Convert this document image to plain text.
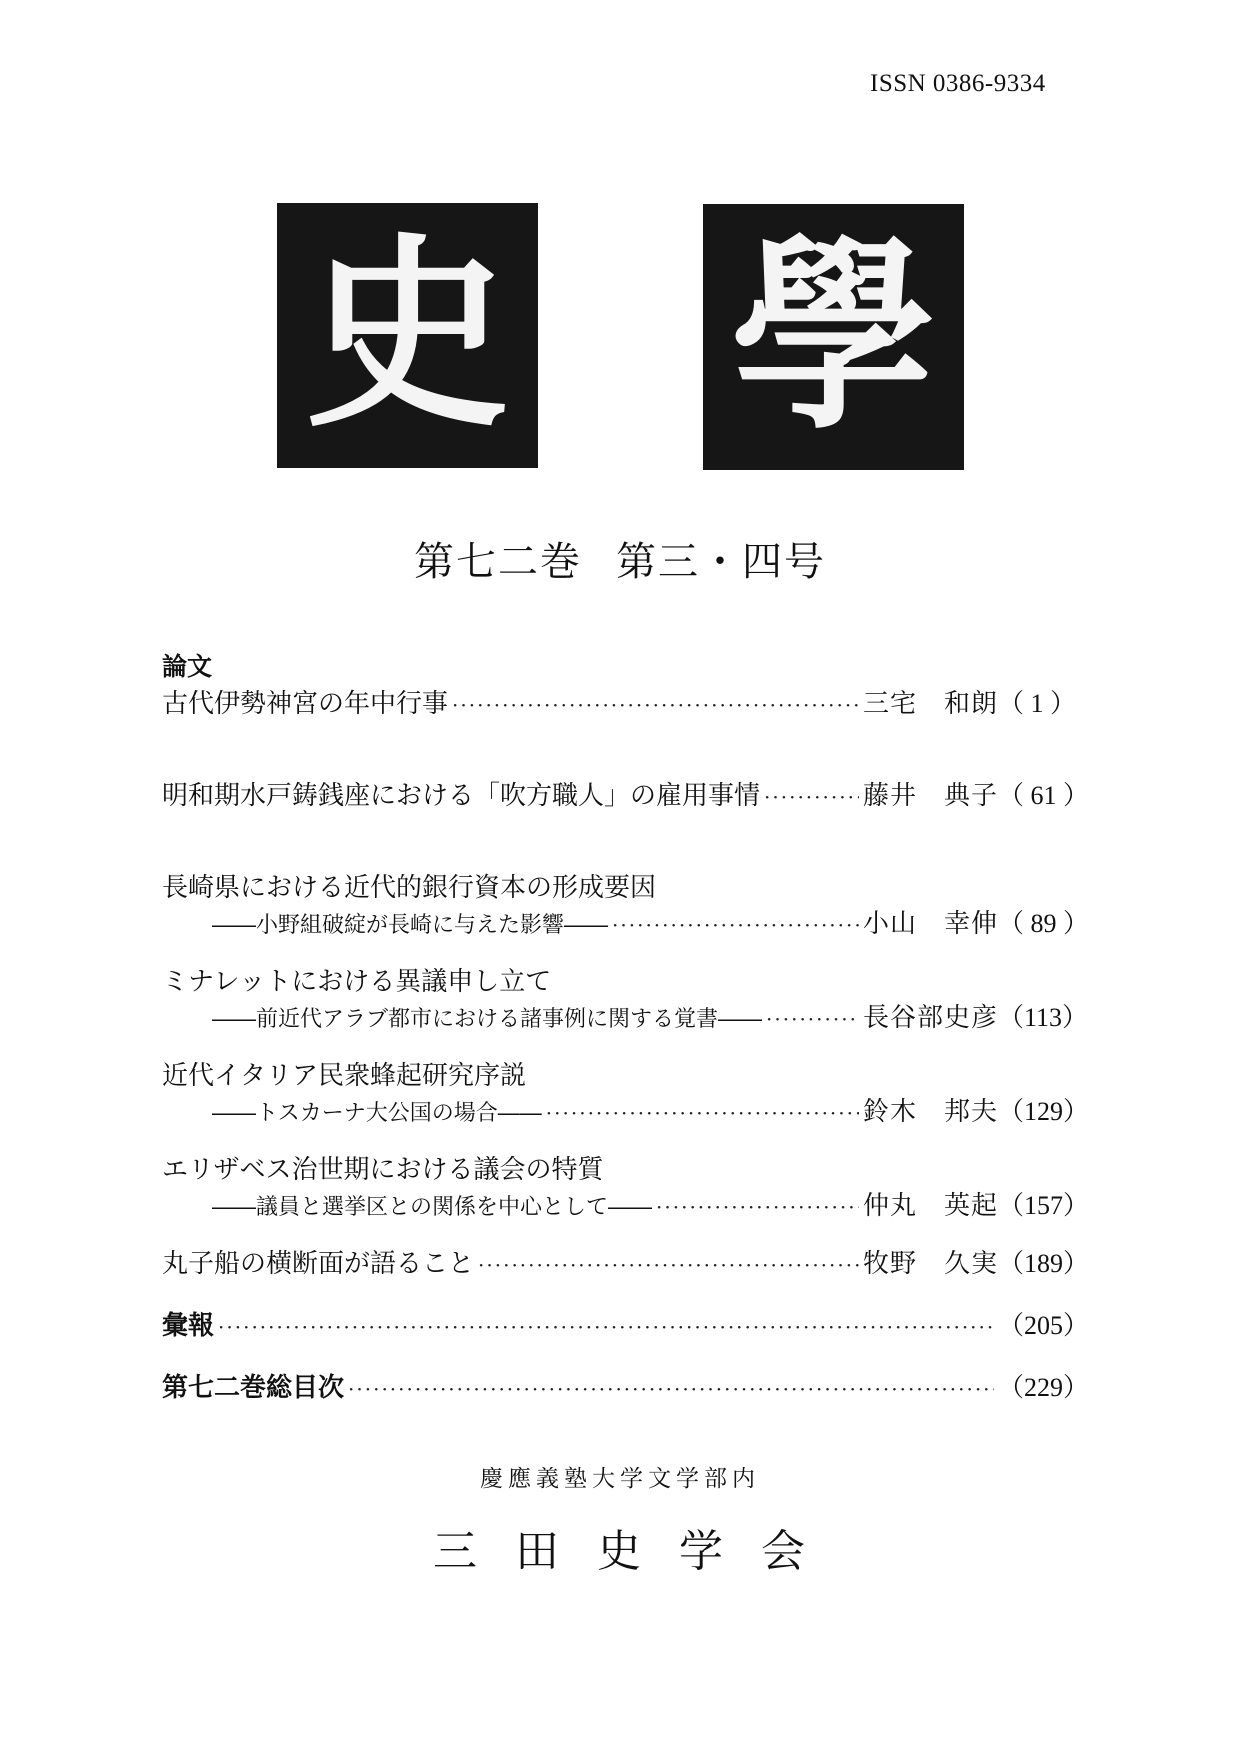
ISSN 0386-9334
史 學
第七二巻 第三・四号
論文
古代伊勢神宮の年中行事 ·····	三宅　和朗 （ 1 ）
明和期水戸鋳銭座における「吹方職人」の雇用事情 ·····	藤井　典子 （ 61 ）
長崎県における近代的銀行資本の形成要因
――小野組破綻が長崎に与えた影響―― ·····	小山　幸伸 （ 89 ）
ミナレットにおける異議申し立て
――前近代アラブ都市における諸事例に関する覚書―― ·····	長谷部史彦 （113）
近代イタリア民衆蜂起研究序説
――トスカーナ大公国の場合―― ·····	鈴木　邦夫 （129）
エリザベス治世期における議会の特質
――議員と選挙区との関係を中心として―― ·····	仲丸　英起 （157）
丸子船の横断面が語ること ·····	牧野　久実 （189）
彙報 ·····	（205）
第七二巻総目次 ·····	（229）
慶應義塾大学文学部内
三田史学会
